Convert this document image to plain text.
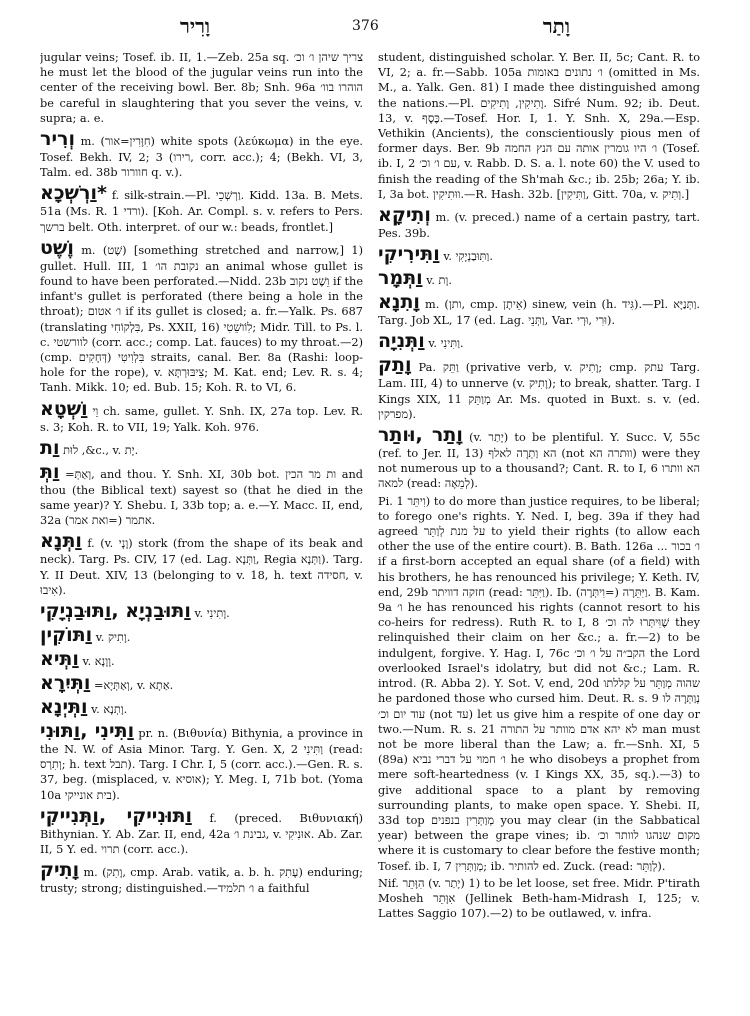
וָרִיר	376	וָתַר

jugular veins; Tosef. ib. II, 1.—Zeb. 25a sq. צריך שיהן ו׳ וכ׳ he must let the blood of the jugular veins run into the center of the receiving bowl. Ber. 8b; Snh. 96a הוהרו בוו׳ be careful in slaughtering that you sever the veins, v. supra; a. e.

וְרִיר m. (חִוָּרִין=אור) white spots (λεύκωμα) in the eye. Tosef. Bekh. IV, 2; 3 (רירו, corr. acc.); 4; (Bekh. VI, 3, Talm. ed. 38b חוורור q. v.).

*וַרְשְׁכָא f. silk-strain.—Pl. וַרְשְׁכֵי. Kidd. 13a. B. Mets. 51a (Ms. R. 1 ורדי). [Koh. Ar. Compl. s. v. refers to Pers. ברשך belt. Oth. interpret. of our w.: beads, frontlet.]

וֶשֶׁט m. (שֶׁט) [something stretched and narrow,] 1) gullet. Hull. III, 1 נקובת הו׳ an animal whose gullet is found to have been perforated.—Nidd. 23b וֵשֶׁט נקוב if the infant's gullet is perforated (there being a hole in the throat); ו׳ אטום if its gullet is closed; a. fr.—Yalk. Ps. 687 (translating בִּלְקוֹחִי, Ps. XXII, 16) לִוֹושֵׁטִי; Midr. Till. to Ps. l. c. לוורשטי (corr. acc.; comp. Lat. fauces) to my throat.—2) (cmp. דְּחָקִים) בִּלְוִיטִי straits, canal. Ber. 8a (Rashi: loop-hole for the rope), v. צִיבּוּרְתָּא; M. Kat. end; Lev. R. s. 4; Tanh. Mikk. 10; ed. Bub. 15; Koh. R. to VI, 6.

וַשְׁטָא וֵי ch. same, gullet. Y. Snh. IX, 27a top. Lev. R. s. 3; Koh. R. to VII, 19; Yalk. Koh. 976.

וַת לוּת ,&c., v. יָת.

וַתְּ =וְאַתְּ, and thou. Y. Snh. XI, 30b bot. ות מר הכין and thou (the Biblical text) sayest so (that he died in the same year)? Y. Shebu. I, 33b top; a. e.—Y. Macc. II, end, 32a אתמר (=ואת אמר).

וַתְּנָא f. (v. וָנָי) stork (from the shape of its beak and neck). Targ. Ps. CIV, 17 (ed. Lag. וַתְּנָא, Regia וַתְּנָא). Targ. Y. II Deut. XIV, 13 (belonging to v. 18, h. text חסידה, v. אִיבוּ).

וַתּוּבַנְיָא ,וַתּוּבַנְיָקִי v. וָתִינִי.

וַתּוֹקִין v. וָתִיק.

וַתְּיא v. וָוָנָא.

וַתְּיִרָא =וְאַתְּיָא, v. אַתָא.

וַתְּיְנָא v. וָתְנָא.

וַתִּינִי ,וַתּוּנִי pr. n. (Βιθυνία) Bithynia, a province in the N. W. of Asia Minor. Targ. Y. Gen. X, 2 וַתִּינִי (read: וְתִרְס; h. text תבל). Targ. I Chr. I, 5 (corr. acc.).—Gen. R. s. 37, beg. (misplaced, v. אוסיא); Y. Meg. I, 71b bot. (Yoma 10a בית אונייקי).

וַתּוּנִייקִי ,וַתְּנִייקִי f. (preced. Βιθυνιακή) Bithynian. Y. Ab. Zar. II, end, 42a גבינת ו׳, v. אוּנִיקִי. Ab. Zar. II, 5 Y. ed. תרוי (corr. acc.).

וָתִיק m. (וָתִק, cmp. Arab. vatik, a. b. h. עָתִק) enduring; trusty; strong; distinguished.—ו׳ תלמיד a faithful

student, distinguished scholar. Y. Ber. II, 5c; Cant. R. to VI, 2; a. fr.—Sabb. 105a ו׳ נתונים באומות (omitted in Ms. M., a. Yalk. Gen. 81) I made thee distinguished among the nations.—Pl. וָתִיקִין, וָתִיקִים. Sifré Num. 92; ib. Deut. 13, v. כֶּסֶף.—Tosef. Hor. I, 1. Y. Snh. X, 29a.—Esp. Vethikin (Ancients), the conscientiously pious men of former days. Ber. 9b ו׳ היו גומרין אותה עם הנץ החמה (Tosef. ib. I, 2 עם ו׳ וכ׳, v. Rabb. D. S. a. l. note 60) the V. used to finish the reading of the Sh'mah &c.; ib. 25b; 26a; Y. ib. I, 3a bot. ווּתִיקִין.—R. Hash. 32b. [וַתִּיקִין, Gitt. 70a, v. וְתִיק.]

וְתִיקָא m. (v. preced.) name of a certain pastry, tart. Pes. 39b.

וַתִּירִיקִי v. וַתִּוּבַנְיָקִי.

וַתְּמָר v. וָת.

וָתִנָא m. (ותן, cmp. אֵיתָן) sinew, vein (h. גִּיד).—Pl. וַתְּנַיָּא. Targ. Job XL, 17 (ed. Lag. וַתְּנֵי, Var. וּרִי ,וּרְי).

וַתְּנִיָה v. וַתִּינִי.

וָתַק Pa. וַתֵּק (privative verb, v. וָתִיק; cmp. עתק Targ. Lam. III, 4) to unnerve (v. וָתִיק); to break, shatter. Targ. I Kings XIX, 11 מְוַתֵּק Ar. Ms. quoted in Buxt. s. v. (ed. מפרקין).

וָתַר ,וּותַר (v. יָתַר) to be plentiful. Y. Succ. V, 55c (ref. to Jer. II, 13) הא וַתְרָה לאלף (not ווּתרה הא) were they not numerous up to a thousand?; Cant. R. to I, 6 הא וותרו למאה (read: לְמֵאָה).

Pi. וִיתֵּר 1) to do more than justice requires, to be liberal; to forego one's rights. Y. Ned. I, beg. 39a if they had agreed על מנת לְוַתֵּר to yield their rights (to allow each other the use of the entire court). B. Bath. 126a ... ו׳ בכור if a first-born accepted an equal share (of a field) with his brothers, he has renounced his privilege; Y. Keth. IV, end, 29b חזקה דוויתר (read: וַיִּתֵּר). Ib. וַיִּתֵּרָה (=וִיתְּרָה). B. Kam. 9a ו׳ he has renounced his rights (cannot resort to his co-heirs for redress). Ruth R. to I, 8 שֶׁוִּיתְּרוּ לה וכ׳ they relinquished their claim on her &c.; a. fr.—2) to be indulgent, forgive. Y. Hag. I, 76c הקב״ה על ו׳ וכ׳ the Lord overlooked Israel's idolatry, but did not &c.; Lam. R. introd. (R. Abba 2). Y. Sot. V, end, 20d שהוה מְוַתֵּר על קללתו he pardoned those who cursed him. Deut. R. s. 9 נְוַתְּרָה לו עוד יום וכ׳ (not עד) let us give him a respite of one day or two.—Num. R. s. 21 לא יהא אדם מוותר על התורה man must not be more liberal than the Law; a. fr.—Snh. XI, 5 (89a) ו׳ חמוי על דברי נביא he who disobeys a prophet from mere soft-heartedness (v. I Kings XX, 35, sq.).—3) to give additional space to a plant by removing surrounding plants, to make open space. Y. Shebi. II, 33d top מְוַתְּרִין בנפנים you may clear (in the Sabbatical year) between the grape vines; ib. מקום שנהגו לוותר וכ׳ where it is customary to clear before the festive month; Tosef. ib. I, 7 מְוַתְּרִין; ib. להותיר ed. Zuck. (read: לְוַתֵּר).

Nif. הִוָּתֵר (v. יָתַר) 1) to be let loose, set free. Midr. P'tirath Mosheh אִוָּתֵר (Jellinek Beth-ham-Midrash I, 125; v. Lattes Saggio 107).—2) to be outlawed, v. infra.
